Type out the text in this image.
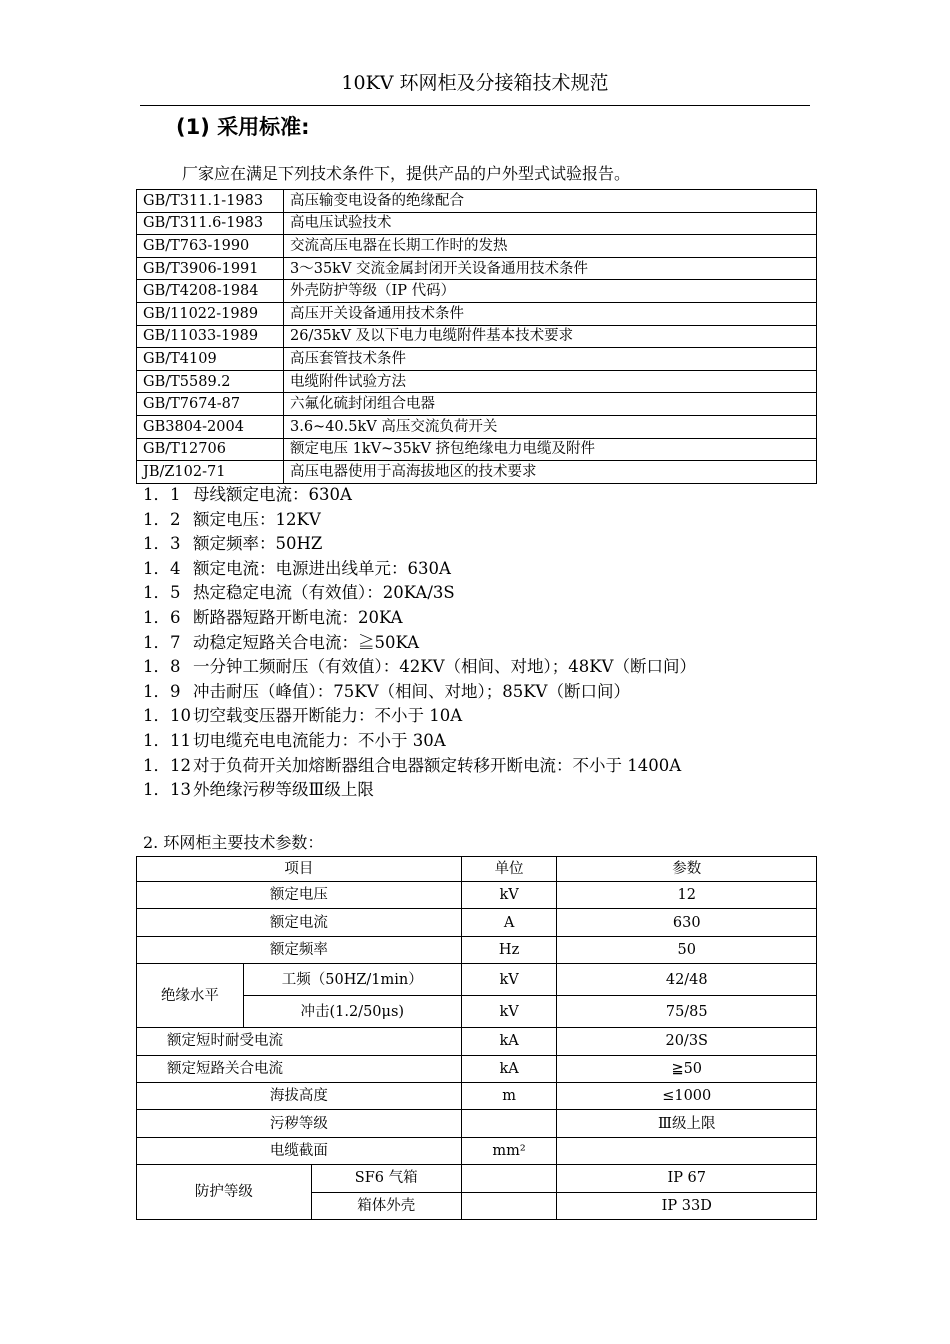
10KV 环网柜及分接箱技术规范
(1) 采用标准:
厂家应在满足下列技术条件下，提供产品的户外型式试验报告。
GB/T311.1-1983	高压输变电设备的绝缘配合
GB/T311.6-1983	高电压试验技术
GB/T763-1990	交流高压电器在长期工作时的发热
GB/T3906-1991	3～35kV 交流金属封闭开关设备通用技术条件
GB/T4208-1984	外壳防护等级（IP 代码）
GB/11022-1989	高压开关设备通用技术条件
GB/11033-1989	26/35kV 及以下电力电缆附件基本技术要求
GB/T4109	高压套管技术条件
GB/T5589.2	电缆附件试验方法
GB/T7674-87	六氟化硫封闭组合电器
GB3804-2004	3.6~40.5kV 高压交流负荷开关
GB/T12706	额定电压 1kV~35kV 挤包绝缘电力电缆及附件
JB/Z102-71	高压电器使用于高海拔地区的技术要求
1．1 母线额定电流：630A
1．2 额定电压：12KV
1．3 额定频率：50HZ
1．4 额定电流：电源进出线单元：630A
1．5 热定稳定电流（有效值）：20KA/3S
1．6 断路器短路开断电流：20KA
1．7 动稳定短路关合电流：≧50KA
1．8 一分钟工频耐压（有效值）：42KV（相间、对地）；48KV（断口间）
1．9 冲击耐压（峰值）：75KV（相间、对地）；85KV（断口间）
1．10 切空载变压器开断能力：不小于 10A
1．11 切电缆充电电流能力：不小于 30A
1．12 对于负荷开关加熔断器组合电器额定转移开断电流：不小于 1400A
1．13 外绝缘污秽等级Ⅲ级上限
2. 环网柜主要技术参数：
项目			单位	参数
额定电压			kV	12
额定电流			A	630
额定频率			Hz	50
绝缘水平	工频（50HZ/1min）		kV	42/48
	冲击(1.2/50μs)		kV	75/85
额定短时耐受电流			kA	20/3S
额定短路关合电流			kA	≧50
海拔高度			m	≤1000
污秽等级				Ⅲ级上限
电缆截面			mm²	
防护等级		SF6 气箱		IP 67
		箱体外壳		IP 33D
